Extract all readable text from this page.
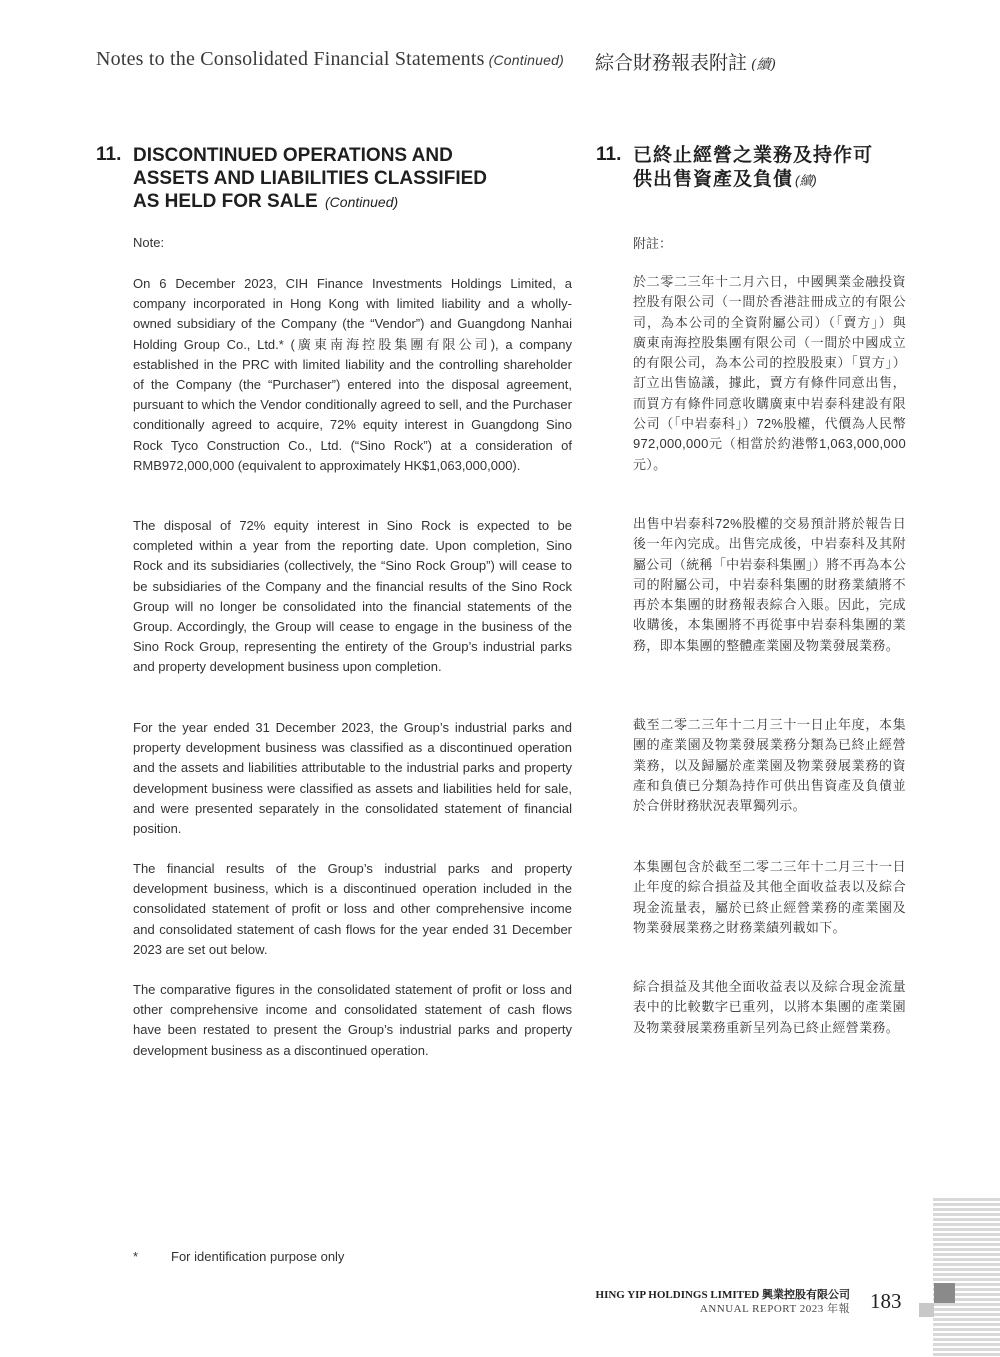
Notes to the Consolidated Financial Statements (Continued) 綜合財務報表附註 (續)
11. DISCONTINUED OPERATIONS AND
ASSETS AND LIABILITIES CLASSIFIED
AS HELD FOR SALE (Continued)
11. 已終止經營之業務及持作可
供出售資產及負債 (續)
Note:	附註：
On 6 December 2023, CIH Finance Investments Holdings Limited, a company incorporated in Hong Kong with limited liability and a wholly-owned subsidiary of the Company (the “Vendor”) and Guangdong Nanhai Holding Group Co., Ltd.* (廣東南海控股集團有限公司), a company established in the PRC with limited liability and the controlling shareholder of the Company (the “Purchaser”) entered into the disposal agreement, pursuant to which the Vendor conditionally agreed to sell, and the Purchaser conditionally agreed to acquire, 72% equity interest in Guangdong Sino Rock Tyco Construction Co., Ltd. (“Sino Rock”) at a consideration of RMB972,000,000 (equivalent to approximately HK$1,063,000,000).
The disposal of 72% equity interest in Sino Rock is expected to be completed within a year from the reporting date. Upon completion, Sino Rock and its subsidiaries (collectively, the “Sino Rock Group”) will cease to be subsidiaries of the Company and the financial results of the Sino Rock Group will no longer be consolidated into the financial statements of the Group. Accordingly, the Group will cease to engage in the business of the Sino Rock Group, representing the entirety of the Group’s industrial parks and property development business upon completion.
For the year ended 31 December 2023, the Group’s industrial parks and property development business was classified as a discontinued operation and the assets and liabilities attributable to the industrial parks and property development business were classified as assets and liabilities held for sale, and were presented separately in the consolidated statement of financial position.
The financial results of the Group’s industrial parks and property development business, which is a discontinued operation included in the consolidated statement of profit or loss and other comprehensive income and consolidated statement of cash flows for the year ended 31 December 2023 are set out below.
The comparative figures in the consolidated statement of profit or loss and other comprehensive income and consolidated statement of cash flows have been restated to present the Group’s industrial parks and property development business as a discontinued operation.
於二零二三年十二月六日，中國興業金融投資控股有限公司（一間於香港註冊成立的有限公司，為本公司的全資附屬公司）（「賣方」）與廣東南海控股集團有限公司（一間於中國成立的有限公司，為本公司的控股股東）「買方」）訂立出售協議，據此，賣方有條件同意出售，而買方有條件同意收購廣東中岩泰科建設有限公司（「中岩泰科」）72%股權，代價為人民幣972,000,000元（相當於約港幣1,063,000,000元）。
出售中岩泰科72%股權的交易預計將於報告日後一年內完成。出售完成後，中岩泰科及其附屬公司（統稱「中岩泰科集團」）將不再為本公司的附屬公司，中岩泰科集團的財務業績將不再於本集團的財務報表綜合入賬。因此，完成收購後，本集團將不再從事中岩泰科集團的業務，即本集團的整體產業園及物業發展業務。
截至二零二三年十二月三十一日止年度，本集團的產業園及物業發展業務分類為已終止經營業務，以及歸屬於產業園及物業發展業務的資產和負債已分類為持作可供出售資產及負債並於合併財務狀況表單獨列示。
本集團包含於截至二零二三年十二月三十一日止年度的綜合損益及其他全面收益表以及綜合現金流量表，屬於已終止經營業務的產業園及物業發展業務之財務業績列載如下。
綜合損益及其他全面收益表以及綜合現金流量表中的比較數字已重列，以將本集團的產業園及物業發展業務重新呈列為已終止經營業務。
*	For identification purpose only
HING YIP HOLDINGS LIMITED 興業控股有限公司
ANNUAL REPORT 2023 年報 183
